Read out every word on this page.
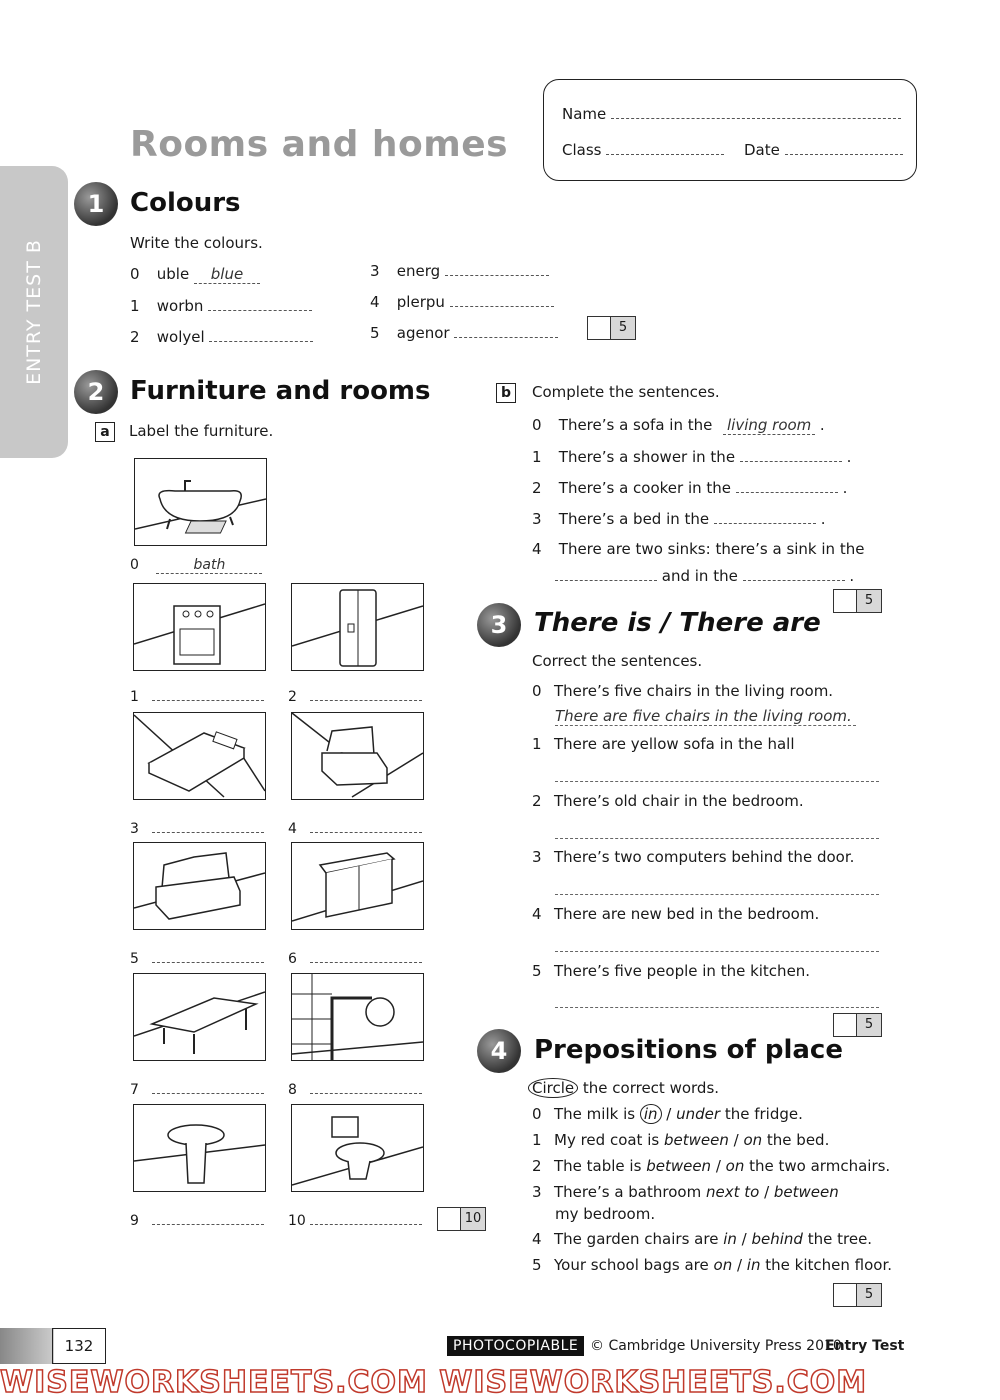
ENTRY TEST B
Rooms and homes
Name
Class	Date
1 Colours
Write the colours.
0 uble blue
1 worbn
2 wolyel
3 energ
4 plerpu
5 agenor	5
2 Furniture and rooms
a	Label the furniture.
0	bath
1	2
3	4
5	6
7	8
9	10	10
b	Complete the sentences.
0 There’s a sofa in the living room .
1 There’s a shower in the	.
2 There’s a cooker in the	.
3 There’s a bed in the	.
4 There are two sinks: there’s a sink in the
and in the	.
5
3	There is / There are
Correct the sentences.
0 There’s five chairs in the living room.
There are five chairs in the living room.
1 There are yellow sofa in the hall
2 There’s old chair in the bedroom.
3 There’s two computers behind the door.
4 There are new bed in the bedroom.
5 There’s five people in the kitchen.
5
4	Prepositions of place
Circle the correct words.
0 The milk is in / under the fridge.
1 My red coat is between / on the bed.
2 The table is between / on the two armchairs.
3 There’s a bathroom next to / between
my bedroom.
4 The garden chairs are in / behind the tree.
5 Your school bags are on / in the kitchen floor.
5
132	PHOTOCOPIABLE © Cambridge University Press 2010
Entry Test
WISEWORKSHEETS.COM WISEWORKSHEETS.COM
